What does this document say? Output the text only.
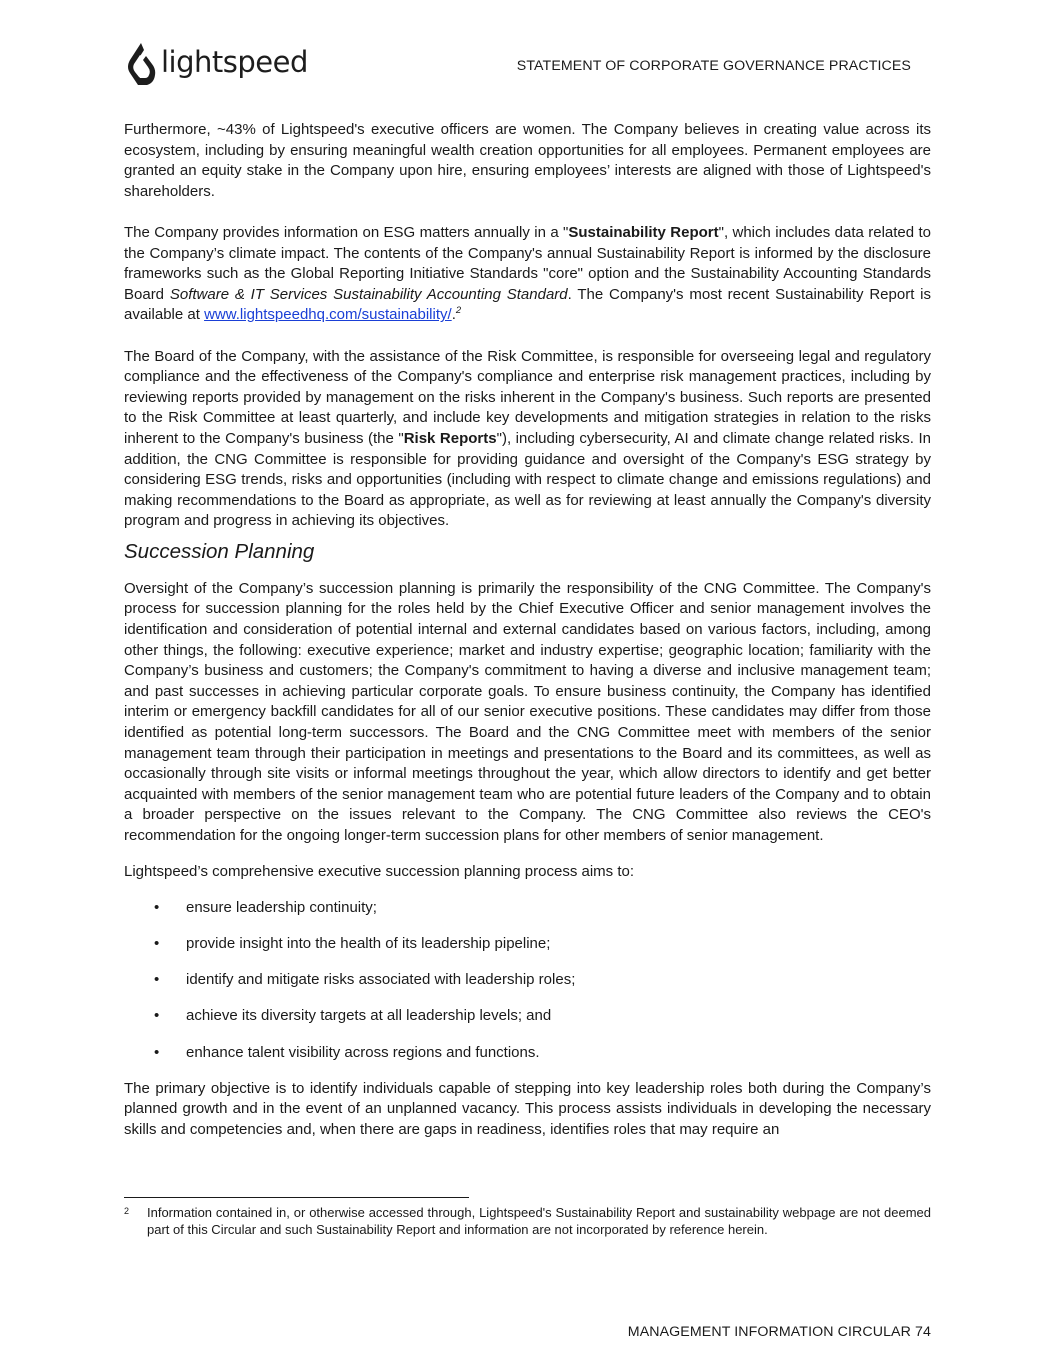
lightspeed	STATEMENT OF CORPORATE GOVERNANCE PRACTICES

Furthermore, ~43% of Lightspeed's executive officers are women. The Company believes in creating value across its ecosystem, including by ensuring meaningful wealth creation opportunities for all employees. Permanent employees are granted an equity stake in the Company upon hire, ensuring employees’ interests are aligned with those of Lightspeed's shareholders.

The Company provides information on ESG matters annually in a "Sustainability Report", which includes data related to the Company’s climate impact. The contents of the Company's annual Sustainability Report is informed by the disclosure frameworks such as the Global Reporting Initiative Standards "core" option and the Sustainability Accounting Standards Board Software & IT Services Sustainability Accounting Standard. The Company's most recent Sustainability Report is available at www.lightspeedhq.com/sustainability/.$^2$

The Board of the Company, with the assistance of the Risk Committee, is responsible for overseeing legal and regulatory compliance and the effectiveness of the Company's compliance and enterprise risk management practices, including by reviewing reports provided by management on the risks inherent in the Company's business. Such reports are presented to the Risk Committee at least quarterly, and include key developments and mitigation strategies in relation to the risks inherent to the Company's business (the "Risk Reports"), including cybersecurity, AI and climate change related risks. In addition, the CNG Committee is responsible for providing guidance and oversight of the Company's ESG strategy by considering ESG trends, risks and opportunities (including with respect to climate change and emissions regulations) and making recommendations to the Board as appropriate, as well as for reviewing at least annually the Company's diversity program and progress in achieving its objectives.

Succession Planning

Oversight of the Company’s succession planning is primarily the responsibility of the CNG Committee. The Company's process for succession planning for the roles held by the Chief Executive Officer and senior management involves the identification and consideration of potential internal and external candidates based on various factors, including, among other things, the following: executive experience; market and industry expertise; geographic location; familiarity with the Company’s business and customers; the Company's commitment to having a diverse and inclusive management team; and past successes in achieving particular corporate goals. To ensure business continuity, the Company has identified interim or emergency backfill candidates for all of our senior executive positions. These candidates may differ from those identified as potential long-term successors. The Board and the CNG Committee meet with members of the senior management team through their participation in meetings and presentations to the Board and its committees, as well as occasionally through site visits or informal meetings throughout the year, which allow directors to identify and get better acquainted with members of the senior management team who are potential future leaders of the Company and to obtain a broader perspective on the issues relevant to the Company. The CNG Committee also reviews the CEO's recommendation for the ongoing longer-term succession plans for other members of senior management.

Lightspeed’s comprehensive executive succession planning process aims to:

• ensure leadership continuity;
• provide insight into the health of its leadership pipeline;
• identify and mitigate risks associated with leadership roles;
• achieve its diversity targets at all leadership levels; and
• enhance talent visibility across regions and functions.

The primary objective is to identify individuals capable of stepping into key leadership roles both during the Company’s planned growth and in the event of an unplanned vacancy. This process assists individuals in developing the necessary skills and competencies and, when there are gaps in readiness, identifies roles that may require an

2 Information contained in, or otherwise accessed through, Lightspeed's Sustainability Report and sustainability webpage are not deemed part of this Circular and such Sustainability Report and information are not incorporated by reference herein.
MANAGEMENT INFORMATION CIRCULAR 74
